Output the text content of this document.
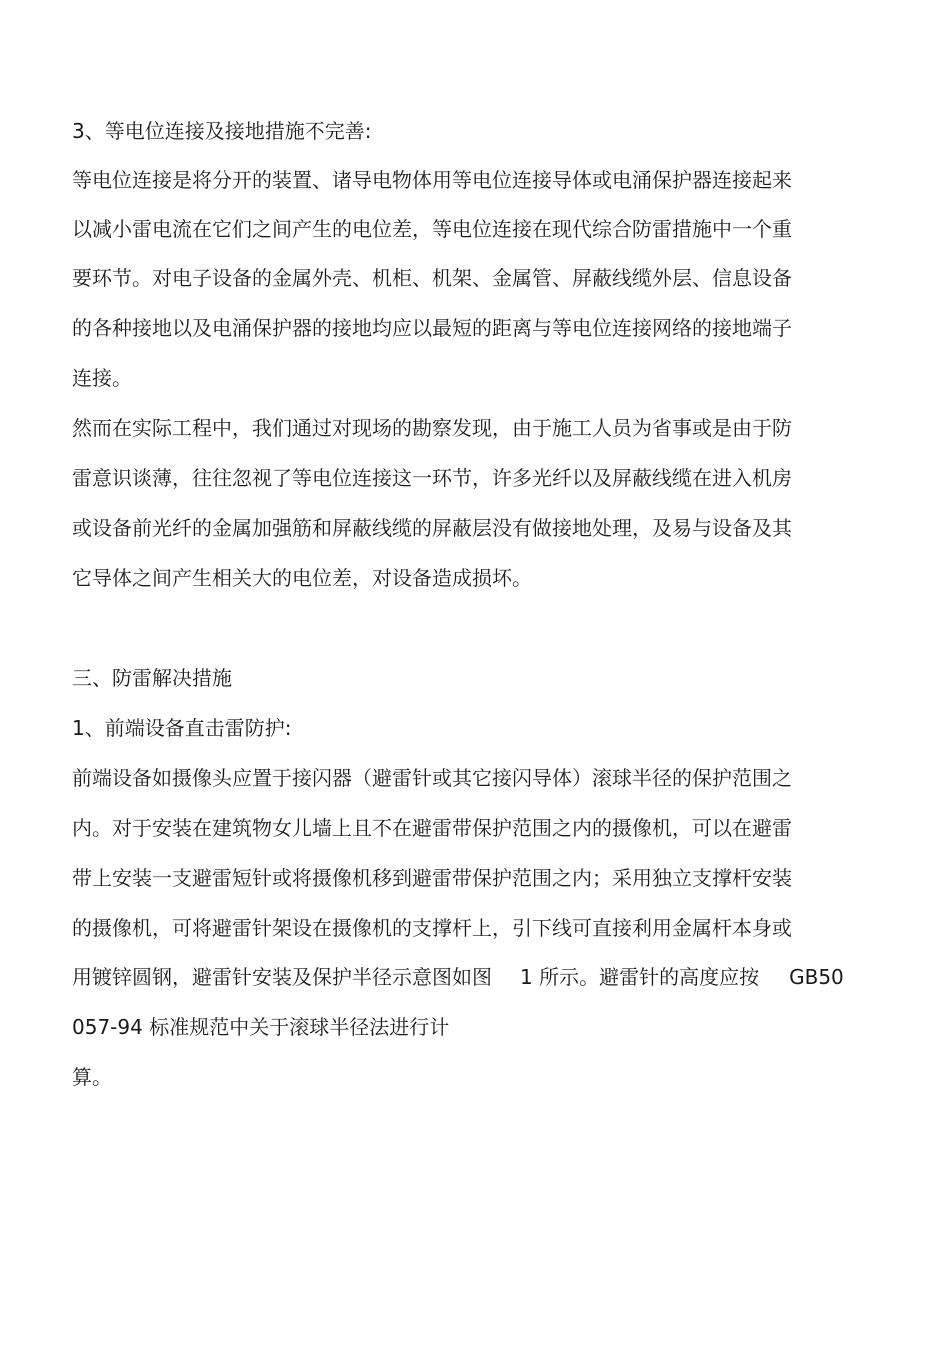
3、等电位连接及接地措施不完善:
等电位连接是将分开的装置、诸导电物体用等电位连接导体或电涌保护器连接起来
以减小雷电流在它们之间产生的电位差，等电位连接在现代综合防雷措施中一个重
要环节。对电子设备的金属外壳、机柜、机架、金属管、屏蔽线缆外层、信息设备
的各种接地以及电涌保护器的接地均应以最短的距离与等电位连接网络的接地端子
连接。
然而在实际工程中，我们通过对现场的勘察发现，由于施工人员为省事或是由于防
雷意识谈薄，往往忽视了等电位连接这一环节，许多光纤以及屏蔽线缆在进入机房
或设备前光纤的金属加强筋和屏蔽线缆的屏蔽层没有做接地处理，及易与设备及其
它导体之间产生相关大的电位差，对设备造成损坏。
三、防雷解决措施
1、前端设备直击雷防护:
前端设备如摄像头应置于接闪器（避雷针或其它接闪导体）滚球半径的保护范围之
内。对于安装在建筑物女儿墙上且不在避雷带保护范围之内的摄像机，可以在避雷
带上安装一支避雷短针或将摄像机移到避雷带保护范围之内；采用独立支撑杆安装
的摄像机，可将避雷针架设在摄像机的支撑杆上，引下线可直接利用金属杆本身或
用镀锌圆钢，避雷针安装及保护半径示意图如图 1 所示。避雷针的高度应按 GB50
057-94 标准规范中关于滚球半径法进行计
算。
